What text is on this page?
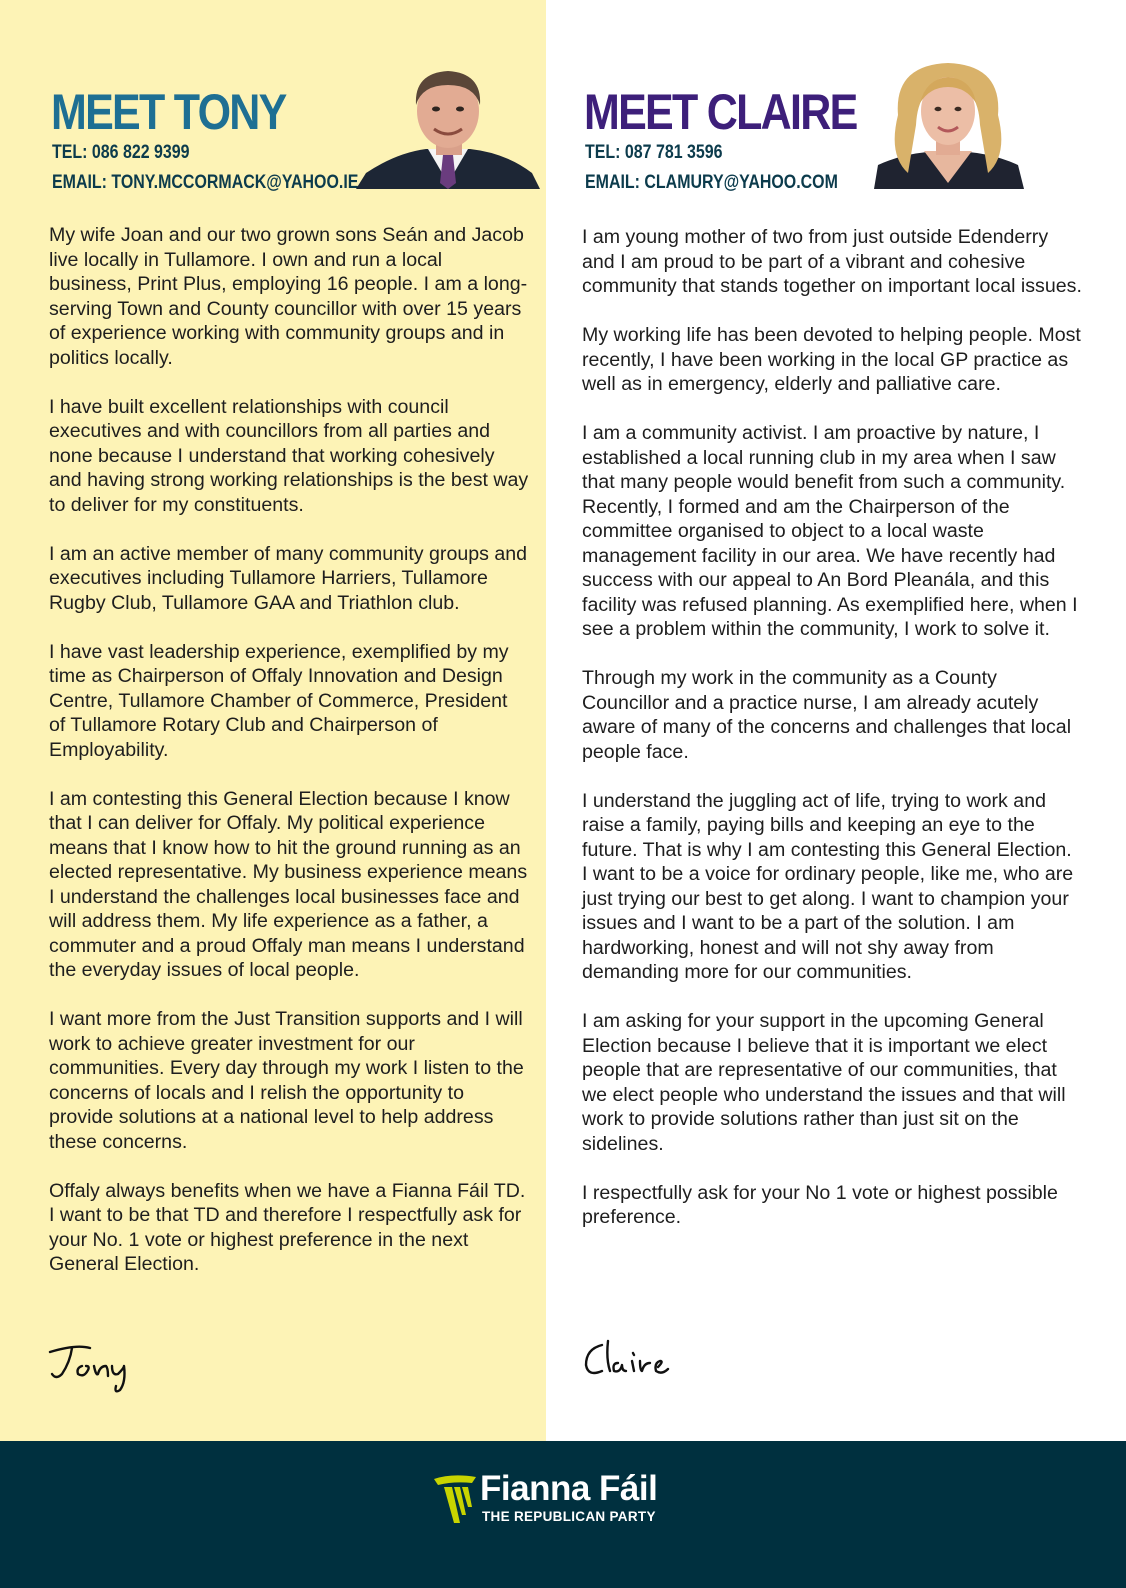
MEET TONY
TEL: 086 822 9399
EMAIL: TONY.MCCORMACK@YAHOO.IE

My wife Joan and our two grown sons Seán and Jacob live locally in Tullamore. I own and run a local business, Print Plus, employing 16 people. I am a long-serving Town and County councillor with over 15 years of experience working with community groups and in politics locally.

I have built excellent relationships with council executives and with councillors from all parties and none because I understand that working cohesively and having strong working relationships is the best way to deliver for my constituents.

I am an active member of many community groups and executives including Tullamore Harriers, Tullamore Rugby Club, Tullamore GAA and Triathlon club.

I have vast leadership experience, exemplified by my time as Chairperson of Offaly Innovation and Design Centre, Tullamore Chamber of Commerce, President of Tullamore Rotary Club and Chairperson of Employability.

I am contesting this General Election because I know that I can deliver for Offaly. My political experience means that I know how to hit the ground running as an elected representative. My business experience means I understand the challenges local businesses face and will address them. My life experience as a father, a commuter and a proud Offaly man means I understand the everyday issues of local people.

I want more from the Just Transition supports and I will work to achieve greater investment for our communities. Every day through my work I listen to the concerns of locals and I relish the opportunity to provide solutions at a national level to help address these concerns.

Offaly always benefits when we have a Fianna Fáil TD. I want to be that TD and therefore I respectfully ask for your No. 1 vote or highest preference in the next General Election.

MEET CLAIRE
TEL: 087 781 3596
EMAIL: CLAMURY@YAHOO.COM

I am young mother of two from just outside Edenderry and I am proud to be part of a vibrant and cohesive community that stands together on important local issues.

My working life has been devoted to helping people. Most recently, I have been working in the local GP practice as well as in emergency, elderly and palliative care.

I am a community activist. I am proactive by nature, I established a local running club in my area when I saw that many people would benefit from such a community. Recently, I formed and am the Chairperson of the committee organised to object to a local waste management facility in our area. We have recently had success with our appeal to An Bord Pleanála, and this facility was refused planning. As exemplified here, when I see a problem within the community, I work to solve it.

Through my work in the community as a County Councillor and a practice nurse, I am already acutely aware of many of the concerns and challenges that local people face.

I understand the juggling act of life, trying to work and raise a family, paying bills and keeping an eye to the future. That is why I am contesting this General Election. I want to be a voice for ordinary people, like me, who are just trying our best to get along. I want to champion your issues and I want to be a part of the solution. I am hardworking, honest and will not shy away from demanding more for our communities.

I am asking for your support in the upcoming General Election because I believe that it is important we elect people that are representative of our communities, that we elect people who understand the issues and that will work to provide solutions rather than just sit on the sidelines.

I respectfully ask for your No 1 vote or highest possible preference.

Fianna Fáil
THE REPUBLICAN PARTY
